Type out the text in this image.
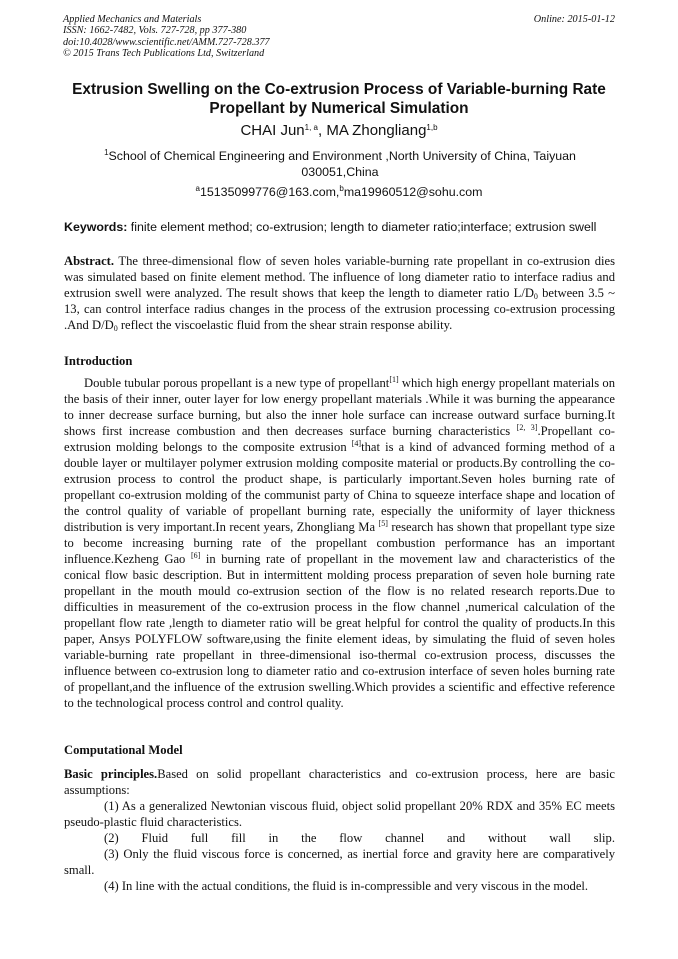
Applied Mechanics and Materials	Online: 2015-01-12
ISSN: 1662-7482, Vols. 727-728, pp 377-380
doi:10.4028/www.scientific.net/AMM.727-728.377
© 2015 Trans Tech Publications Ltd, Switzerland
Extrusion Swelling on the Co-extrusion Process of Variable-burning Rate
Propellant by Numerical Simulation
CHAI Jun$^{1, a}$, MA Zhongliang$^{1,b}$
$^1$School of Chemical Engineering and Environment ,North University of China, Taiyuan
030051,China
$^a$15135099776@163.com,$^b$ma19960512@sohu.com
Keywords: finite element method; co-extrusion; length to diameter ratio;interface; extrusion swell

Abstract. The three-dimensional flow of seven holes variable-burning rate propellant in co-extrusion dies was simulated based on finite element method. The influence of long diameter ratio to interface radius and extrusion swell were analyzed. The result shows that keep the length to diameter ratio $L/D_0$ between 3.5 ~ 13, can control interface radius changes in the process of the extrusion processing co-extrusion processing .And $D/D_0$ reflect the viscoelastic fluid from the shear strain response ability.

Introduction

Double tubular porous propellant is a new type of propellant[1] which high energy propellant materials on the basis of their inner, outer layer for low energy propellant materials .While it was burning the appearance to inner decrease surface burning, but also the inner hole surface can increase outward surface burning.It shows first increase combustion and then decreases surface burning characteristics [2, 3].Propellant co-extrusion molding belongs to the composite extrusion [4]that is a kind of advanced forming method of a double layer or multilayer polymer extrusion molding composite material or products.By controlling the co-extrusion process to control the product shape, is particularly important.Seven holes burning rate of propellant co-extrusion molding of the communist party of China to squeeze interface shape and location of the control quality of variable of propellant burning rate, especially the uniformity of layer thickness distribution is very important.In recent years, Zhongliang Ma [5] research has shown that propellant type size to become increasing burning rate of the propellant combustion performance has an important influence.Kezheng Gao [6] in burning rate of propellant in the movement law and characteristics of the conical flow basic description. But in intermittent molding process preparation of seven hole burning rate propellant in the mouth mould co-extrusion section of the flow is no related research reports.Due to difficulties in measurement of the co-extrusion process in the flow channel ,numerical calculation of the propellant flow rate ,length to diameter ratio will be great helpful for control the quality of products.In this paper, Ansys POLYFLOW software,using the finite element ideas, by simulating the fluid of seven holes variable-burning rate propellant in three-dimensional iso-thermal co-extrusion process, discusses the influence between co-extrusion long to diameter ratio and co-extrusion interface of seven holes burning rate of propellant,and the influence of the extrusion swelling.Which provides a scientific and effective reference to the technological process control and control quality.

Computational Model

Basic principles.Based on solid propellant characteristics and co-extrusion process, here are basic assumptions:

(1) As a generalized Newtonian viscous fluid, object solid propellant 20% RDX and 35% EC meets pseudo-plastic fluid characteristics.

(2) Fluid full fill in the flow channel and without wall slip.

(3) Only the fluid viscous force is concerned, as inertial force and gravity here are comparatively small.

(4) In line with the actual conditions, the fluid is in-compressible and very viscous in the model.
